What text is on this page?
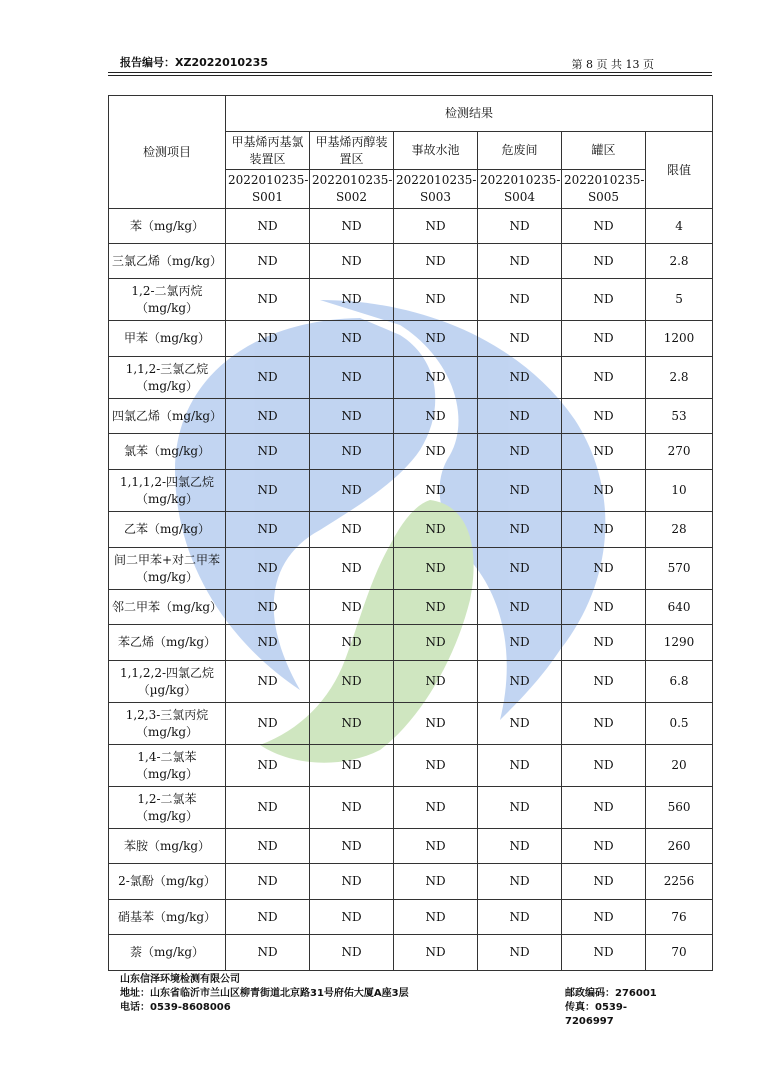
报告编号：XZ2022010235	第 8 页 共 13 页
检测项目	检测结果					
	甲基烯丙基氯装置区	甲基烯丙醇装置区	事故水池	危废间	罐区	限值
	2022010235-S001	2022010235-S002	2022010235-S003	2022010235-S004	2022010235-S005	
苯（mg/kg）	ND	ND	ND	ND	ND	4
三氯乙烯（mg/kg）	ND	ND	ND	ND	ND	2.8
1,2-二氯丙烷（mg/kg）	ND	ND	ND	ND	ND	5
甲苯（mg/kg）	ND	ND	ND	ND	ND	1200
1,1,2-三氯乙烷（mg/kg）	ND	ND	ND	ND	ND	2.8
四氯乙烯（mg/kg）	ND	ND	ND	ND	ND	53
氯苯（mg/kg）	ND	ND	ND	ND	ND	270
1,1,1,2-四氯乙烷（mg/kg）	ND	ND	ND	ND	ND	10
乙苯（mg/kg）	ND	ND	ND	ND	ND	28
间二甲苯+对二甲苯（mg/kg）	ND	ND	ND	ND	ND	570
邻二甲苯（mg/kg）	ND	ND	ND	ND	ND	640
苯乙烯（mg/kg）	ND	ND	ND	ND	ND	1290
1,1,2,2-四氯乙烷（µg/kg）	ND	ND	ND	ND	ND	6.8
1,2,3-三氯丙烷（mg/kg）	ND	ND	ND	ND	ND	0.5
1,4-二氯苯（mg/kg）	ND	ND	ND	ND	ND	20
1,2-二氯苯（mg/kg）	ND	ND	ND	ND	ND	560
苯胺（mg/kg）	ND	ND	ND	ND	ND	260
2-氯酚（mg/kg）	ND	ND	ND	ND	ND	2256
硝基苯（mg/kg）	ND	ND	ND	ND	ND	76
萘（mg/kg）	ND	ND	ND	ND	ND	70
山东信泽环境检测有限公司
地址：山东省临沂市兰山区柳青街道北京路31号府佑大厦A座3层	邮政编码：276001
电话：0539-8608006	传真：0539-7206997
